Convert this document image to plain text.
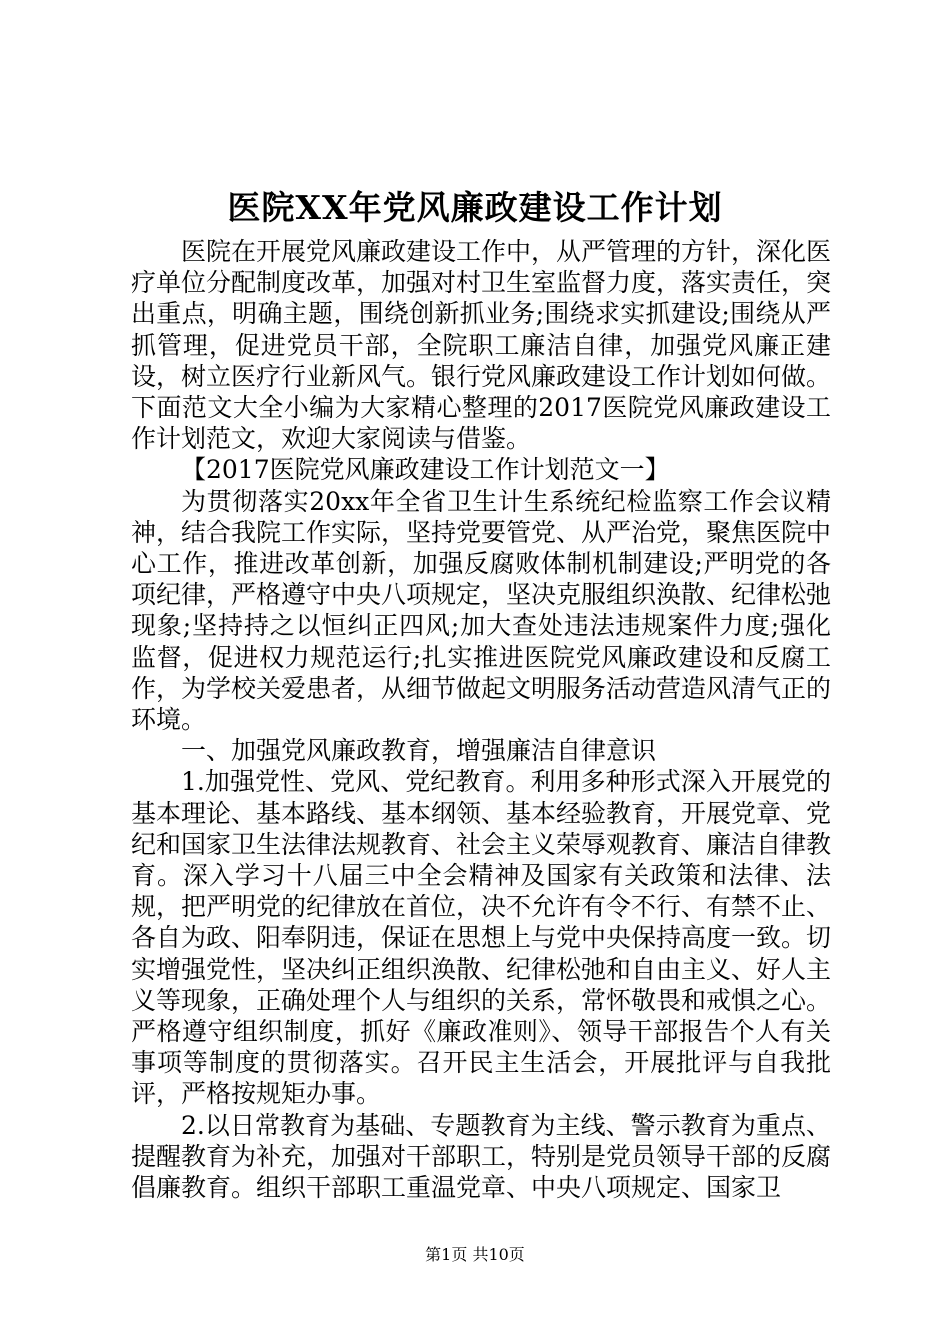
医院XX年党风廉政建设工作计划

医院在开展党风廉政建设工作中，从严管理的方针，深化医疗单位分配制度改革，加强对村卫生室监督力度，落实责任，突出重点，明确主题，围绕创新抓业务;围绕求实抓建设;围绕从严抓管理，促进党员干部，全院职工廉洁自律，加强党风廉正建设，树立医疗行业新风气。银行党风廉政建设工作计划如何做。下面范文大全小编为大家精心整理的2017医院党风廉政建设工作计划范文，欢迎大家阅读与借鉴。

【2017医院党风廉政建设工作计划范文一】

为贯彻落实20xx年全省卫生计生系统纪检监察工作会议精神，结合我院工作实际，坚持党要管党、从严治党，聚焦医院中心工作，推进改革创新，加强反腐败体制机制建设;严明党的各项纪律，严格遵守中央八项规定，坚决克服组织涣散、纪律松弛现象;坚持持之以恒纠正四风;加大查处违法违规案件力度;强化监督，促进权力规范运行;扎实推进医院党风廉政建设和反腐工作，为学校关爱患者，从细节做起文明服务活动营造风清气正的环境。

一、加强党风廉政教育，增强廉洁自律意识

1.加强党性、党风、党纪教育。利用多种形式深入开展党的基本理论、基本路线、基本纲领、基本经验教育，开展党章、党纪和国家卫生法律法规教育、社会主义荣辱观教育、廉洁自律教育。深入学习十八届三中全会精神及国家有关政策和法律、法规，把严明党的纪律放在首位，决不允许有令不行、有禁不止、各自为政、阳奉阴违，保证在思想上与党中央保持高度一致。切实增强党性，坚决纠正组织涣散、纪律松弛和自由主义、好人主义等现象，正确处理个人与组织的关系，常怀敬畏和戒惧之心。严格遵守组织制度，抓好《廉政准则》、领导干部报告个人有关事项等制度的贯彻落实。召开民主生活会，开展批评与自我批评，严格按规矩办事。

2.以日常教育为基础、专题教育为主线、警示教育为重点、提醒教育为补充，加强对干部职工，特别是党员领导干部的反腐倡廉教育。组织干部职工重温党章、中央八项规定、国家卫

第1页 共10页
